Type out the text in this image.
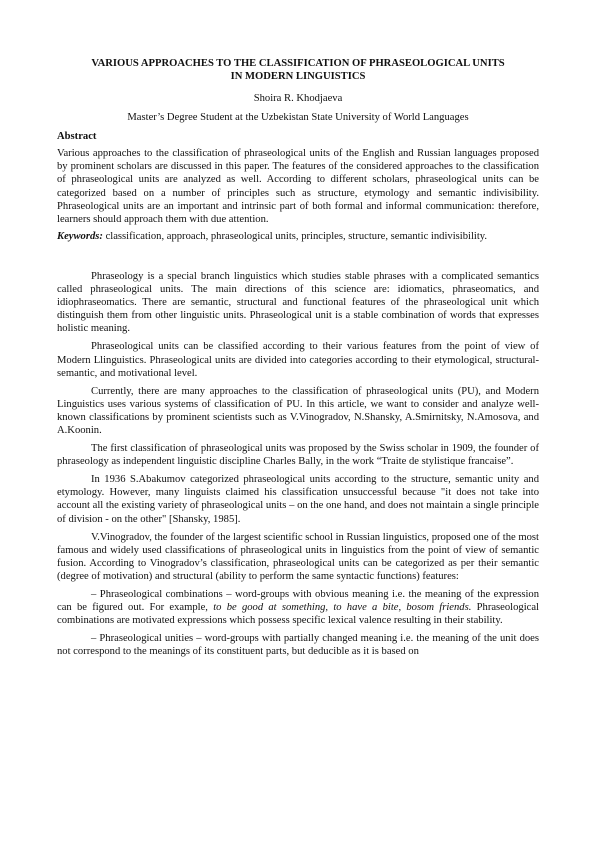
VARIOUS APPROACHES TO THE CLASSIFICATION OF PHRASEOLOGICAL UNITS
IN MODERN LINGUISTICS

Shoira R. Khodjaeva

Master’s Degree Student at the Uzbekistan State University of World Languages

Abstract

Various approaches to the classification of phraseological units of the English and Russian languages proposed by prominent scholars are discussed in this paper. The features of the considered approaches to the classification of phraseological units are analyzed as well. According to different scholars, phraseological units can be categorized based on a number of principles such as structure, etymology and semantic indivisibility. Phraseological units are an important and intrinsic part of both formal and informal communication: therefore, learners should approach them with due attention.

Keywords: classification, approach, phraseological units, principles, structure, semantic indivisibility.

Phraseology is a special branch linguistics which studies stable phrases with a complicated semantics called phraseological units. The main directions of this science are: idiomatics, phraseomatics, and idiophraseomatics. There are semantic, structural and functional features of the phraseological unit which distinguish them from other linguistic units. Phraseological unit is a stable combination of words that expresses holistic meaning.

Phraseological units can be classified according to their various features from the point of view of Modern Llinguistics. Phraseological units are divided into categories according to their etymological, structural-semantic, and motivational level.

Currently, there are many approaches to the classification of phraseological units (PU), and Modern Linguistics uses various systems of classification of PU. In this article, we want to consider and analyze well-known classifications by prominent scientists such as V.Vinogradov, N.Shansky, A.Smirnitsky, N.Amosova, and A.Koonin.

The first classification of phraseological units was proposed by the Swiss scholar in 1909, the founder of phraseology as independent linguistic discipline Charles Bally, in the work “Traite de stylistique francaise”.

In 1936 S.Abakumov categorized phraseological units according to the structure, semantic unity and etymology. However, many linguists claimed his classification unsuccessful because "it does not take into account all the existing variety of phraseological units – on the one hand, and does not maintain a single principle of division - on the other" [Shansky, 1985].

V.Vinogradov, the founder of the largest scientific school in Russian linguistics, proposed one of the most famous and widely used classifications of phraseological units in linguistics from the point of view of semantic fusion. According to Vinogradov’s classification, phraseological units can be categorized as per their semantic (degree of motivation) and structural (ability to perform the same syntactic functions) features:

– Phraseological combinations – word-groups with obvious meaning i.e. the meaning of the expression can be figured out. For example, to be good at something, to have a bite, bosom friends. Phraseological combinations are motivated expressions which possess specific lexical valence resulting in their stability.

– Phraseological unities – word-groups with partially changed meaning i.e. the meaning of the unit does not correspond to the meanings of its constituent parts, but deducible as it is based on
